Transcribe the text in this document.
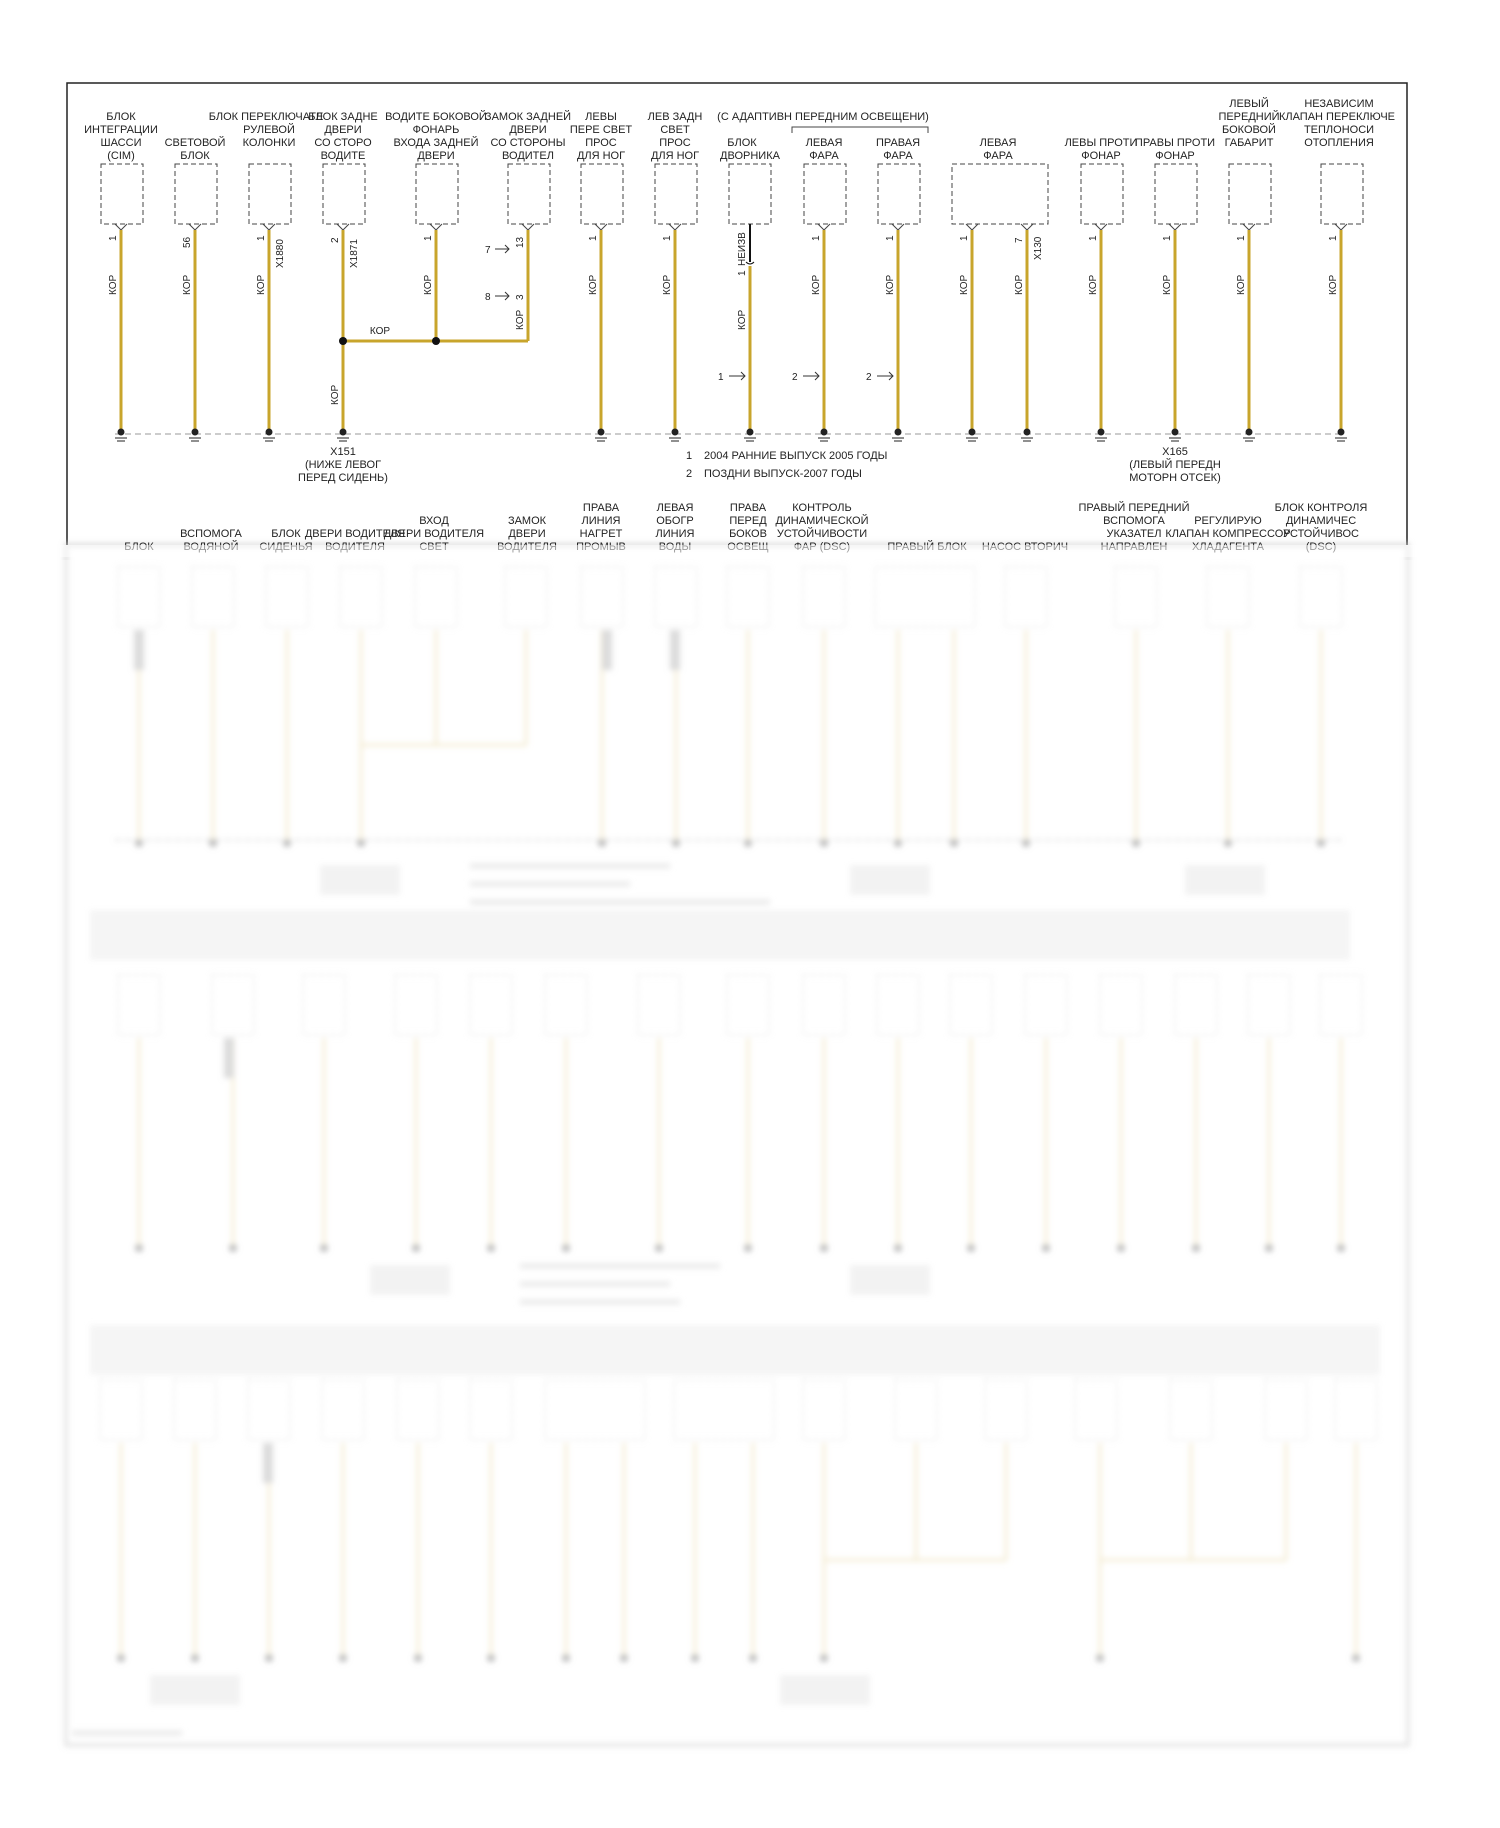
(С АДАПТИВН ПЕРЕДНИМ ОСВЕЩЕНИ)
БЛОК
ИНТЕГРАЦИИ
ШАССИ
(CIM)
1
КОР
СВЕТОВОЙ
БЛОК
56
КОР
БЛОК ПЕРЕКЛЮЧАТЕ
РУЛЕВОЙ
КОЛОНКИ
1
X1880
КОР
БЛОК ЗАДНЕ
ДВЕРИ
СО СТОРО
ВОДИТЕ
2 X1871
КОР
ВОДИТЕ БОКОВОЙ
ФОНАРЬ
ВХОДА ЗАДНЕЙ
ДВЕРИ
1
КОР
ЗАМОК ЗАДНЕЙ
ДВЕРИ
СО СТОРОНЫ
ВОДИТЕЛ
13
7
3
8
КОР
КОР
ЛЕВЫ
ПЕРЕ СВЕТ
ПРОС
ДЛЯ НОГ
1
КОР
ЛЕВ ЗАДН
СВЕТ
ПРОС
ДЛЯ НОГ
1
КОР
БЛОК
ДВОРНИКА
1
НЕИЗВ
КОР
1
ЛЕВАЯ
ФАРА
1
КОР
2
ПРАВАЯ
ФАРА
1
КОР
2
ЛЕВАЯ
ФАРА
1	7 X130
КОР	КОР
ЛЕВЫ ПРОТИ
ФОНАР
1
КОР
ПРАВЫ ПРОТИ
ФОНАР
1
КОР
ЛЕВЫЙ
ПЕРЕДНИЙ
БОКОВОЙ
ГАБАРИТ
1
КОР
НЕЗАВИСИМ
КЛАПАН ПЕРЕКЛЮЧЕ
ТЕПЛОНОСИ
ОТОПЛЕНИЯ
1
КОР
X151
(НИЖЕ ЛЕВОГ
ПЕРЕД СИДЕНЬ)
X165
(ЛЕВЫЙ ПЕРЕДН
МОТОРН ОТСЕК)
1 2004 РАННИЕ ВЫПУСК 2005 ГОДЫ
2 ПОЗДНИ ВЫПУСК-2007 ГОДЫ
ВСПОМОГА	БЛОК ДВЕРИ ВОДИТЕЛЯ
ВХОД
ДВЕРИ ВОДИТЕЛЯ
ЗАМОК
ДВЕРИ
ПРАВА
ЛИНИЯ
НАГРЕТ
ЛЕВАЯ
ОБОГР
ЛИНИЯ
ПРАВА
ПЕРЕД
БОКОВ
КОНТРОЛЬ
ДИНАМИЧЕСКОЙ
УСТОЙЧИВОСТИ
ПРАВЫЙ ПЕРЕДНИЙ
ВСПОМОГА
УКАЗАТЕЛ
РЕГУЛИРУЮ
КЛАПАН КОМПРЕССОР
БЛОК КОНТРОЛЯ
ДИНАМИЧЕС
УСТОЙЧИВОС
